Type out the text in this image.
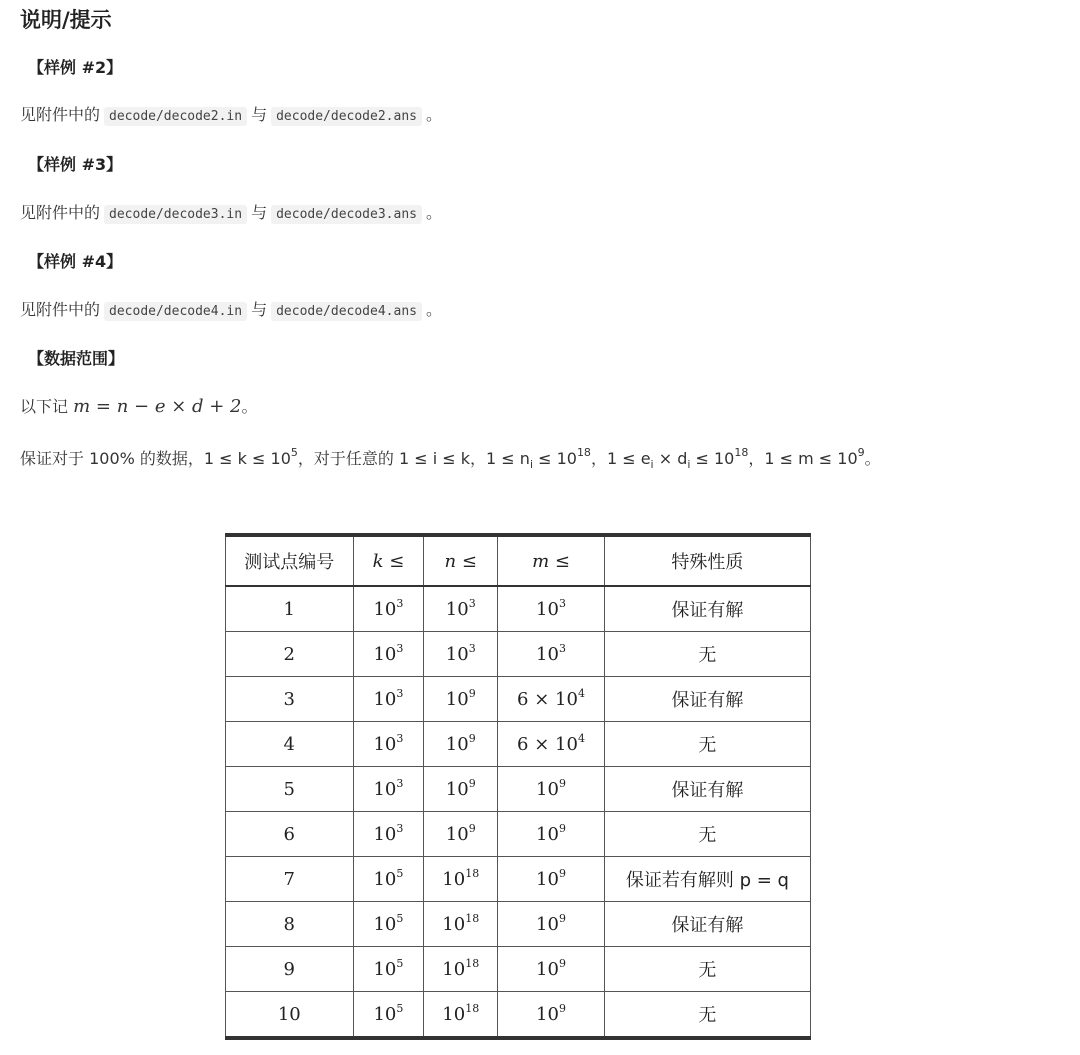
说明/提示
【样例 #2】
见附件中的 decode/decode2.in 与 decode/decode2.ans 。
【样例 #3】
见附件中的 decode/decode3.in 与 decode/decode3.ans 。
【样例 #4】
见附件中的 decode/decode4.in 与 decode/decode4.ans 。
【数据范围】
以下记 m = n − e × d + 2。
保证对于 100% 的数据，$1 \le k \le 10^5$，对于任意的 1 ≤ i ≤ k，$1 \le n_i \le 10^{18}$，$1 \le e_i \times d_i \le 10^{18}$，$1 \le m \le 10^9$。
测试点编号	k ≤	n ≤	m ≤	特殊性质
1	$10^3$	$10^3$	$10^3$	保证有解
2	$10^3$	$10^3$	$10^3$	无
3	$10^3$	$10^9$	$6 \times 10^4$	保证有解
4	$10^3$	$10^9$	$6 \times 10^4$	无
5	$10^3$	$10^9$	$10^9$	保证有解
6	$10^3$	$10^9$	$10^9$	无
7	$10^5$	$10^{18}$	$10^9$	保证若有解则 p = q
8	$10^5$	$10^{18}$	$10^9$	保证有解
9	$10^5$	$10^{18}$	$10^9$	无
10	$10^5$	$10^{18}$	$10^9$	无
